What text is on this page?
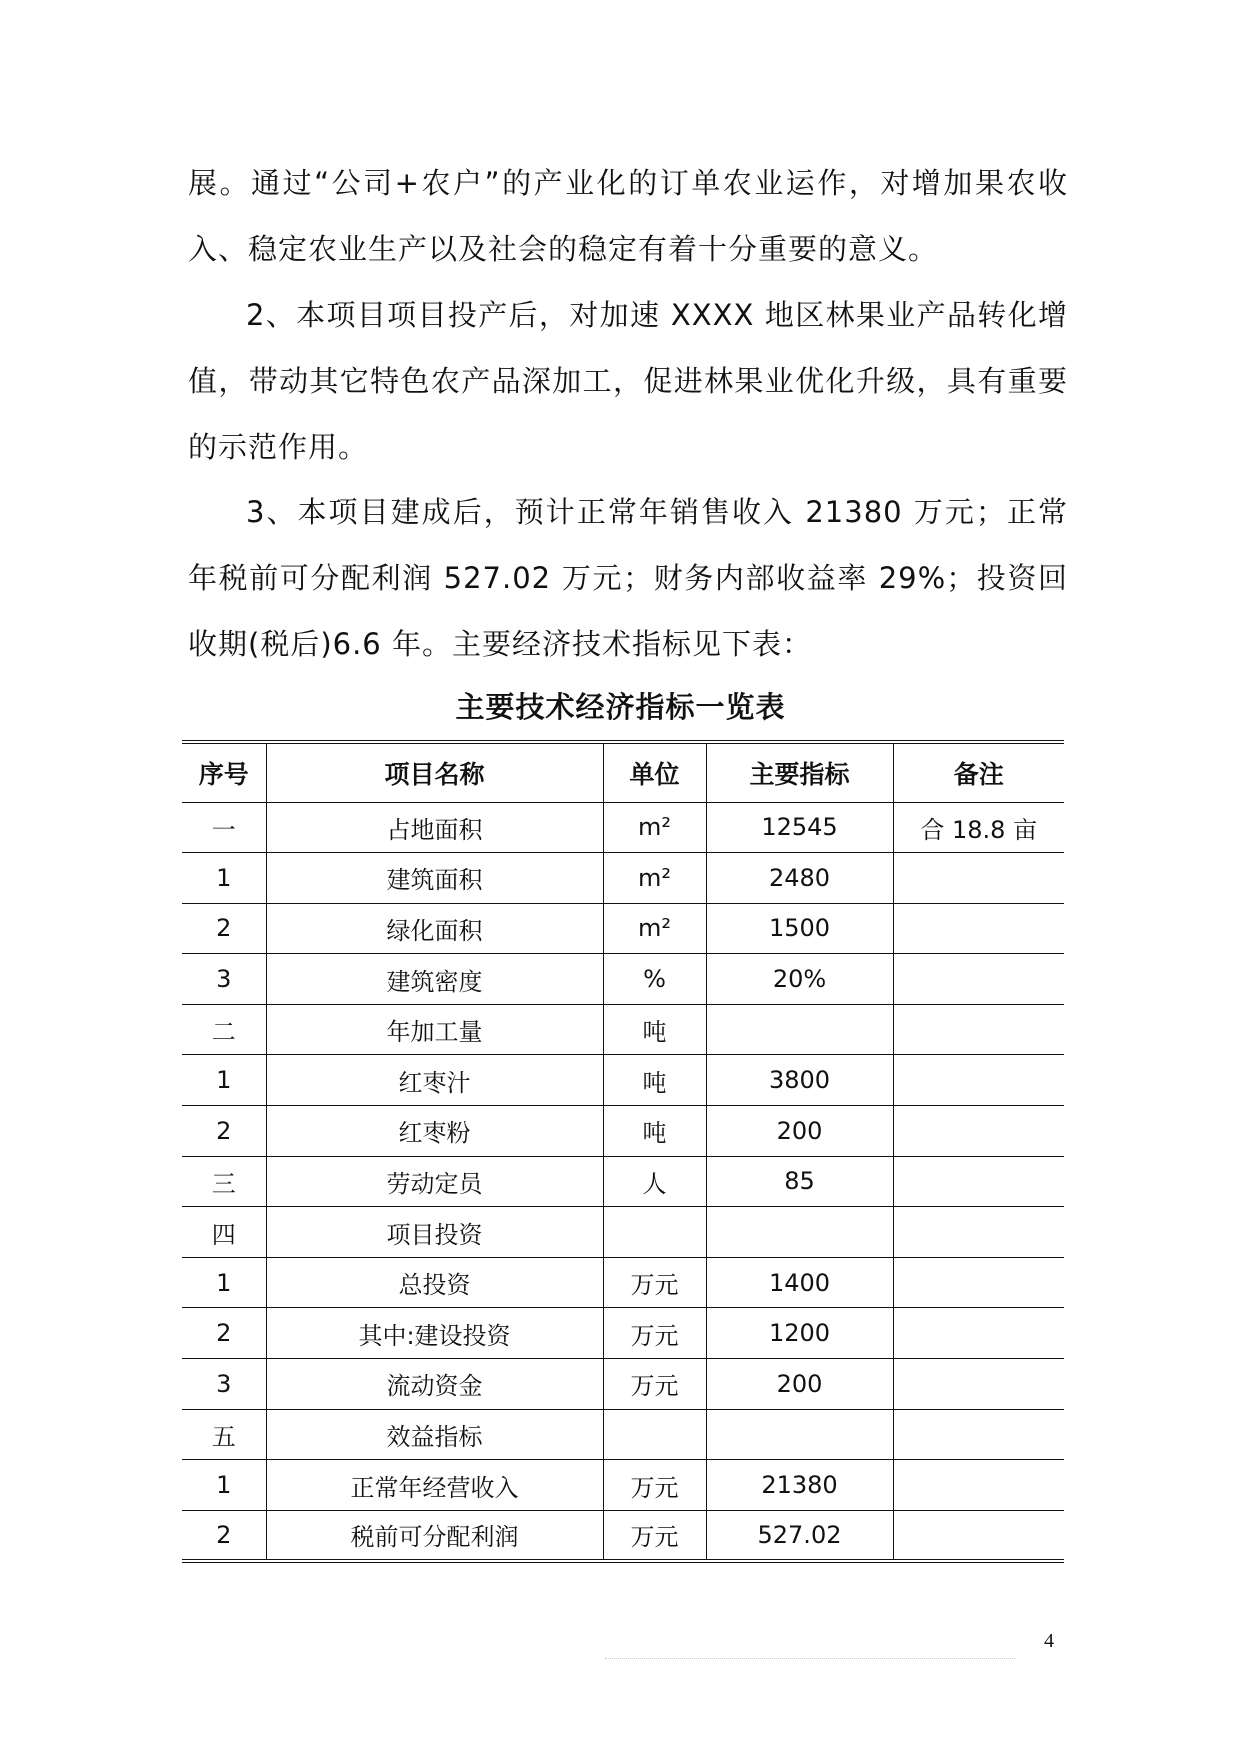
展。通过“公司+农户”的产业化的订单农业运作，对增加果农收入、稳定农业生产以及社会的稳定有着十分重要的意义。

2、本项目项目投产后，对加速 XXXX 地区林果业产品转化增值，带动其它特色农产品深加工，促进林果业优化升级，具有重要的示范作用。

3、本项目建成后，预计正常年销售收入 21380 万元；正常年税前可分配利润 527.02 万元；财务内部收益率 29%；投资回收期(税后)6.6 年。主要经济技术指标见下表：

主要技术经济指标一览表
序号	项目名称	单位	主要指标	备注
一	占地面积	m²	12545	合 18.8 亩
1	建筑面积	m²	2480	
2	绿化面积	m²	1500	
3	建筑密度	%	20%	
二	年加工量	吨		
1	红枣汁	吨	3800	
2	红枣粉	吨	200	
三	劳动定员	人	85	
四	项目投资			
1	总投资	万元	1400	
2	其中:建设投资	万元	1200	
3	流动资金	万元	200	
五	效益指标			
1	正常年经营收入	万元	21380	
2	税前可分配利润	万元	527.02	
4
